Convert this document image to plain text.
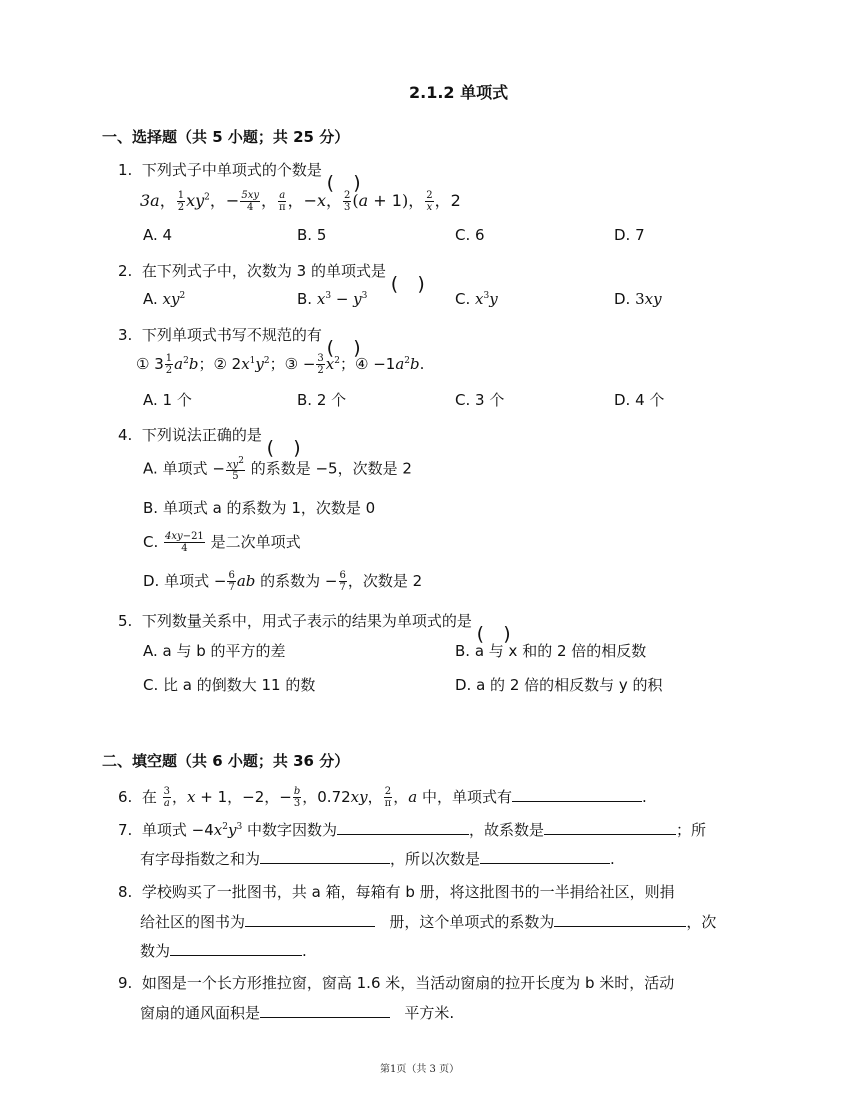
2.1.2 单项式
一、选择题（共 5 小题；共 25 分）
1. 下列式子中单项式的个数是
3a， $\frac{1}{2} xy^2$，− $\frac{5xy}{4}$ ， $\frac{a}{\pi}$ ，−x， $\frac{2}{3} (a + 1)$， $\frac{2}{x}$ ，2
A. 4	B. 5	C. 6	D. 7
2. 在下列式子中，次数为 3 的单项式是
A. $xy^2$	B. $x^3 - y^3$	C. $x^3y$	D. 3xy
3. 下列单项式书写不规范的有
① $3 \frac{1}{2} a^2b$；② $2x^1y^2$；③ − $\frac{3}{2} x^2$；④ $-1a^2b$.
A. 1 个	B. 2 个	C. 3 个	D. 4 个
4. 下列说法正确的是
A. 单项式 − $\frac{xy^2}{5}$ 的系数是 −5，次数是 2
B. 单项式 a 的系数为 1，次数是 0
C. $\frac{4xy-21}{4}$ 是二次单项式
D. 单项式 − $\frac{6}{7}$ ab 的系数为 − $\frac{6}{7}$ ，次数是 2
5. 下列数量关系中，用式子表示的结果为单项式的是
A. a 与 b 的平方的差	B. a 与 x 和的 2 倍的相反数
C. 比 a 的倒数大 11 的数	D. a 的 2 倍的相反数与 y 的积
二、填空题（共 6 小题；共 36 分）
6. 在 $\frac{3}{a}$ ，x + 1，−2，− $\frac{b}{3}$ ，0.72xy， $\frac{2}{\pi}$ ，a 中，单项式有	.
7. 单项式 $-4x^2y^3$ 中数字因数为	，故系数是	；所
有字母指数之和为	，所以次数是	.
8. 学校购买了一批图书，共 a 箱，每箱有 b 册，将这批图书的一半捐给社区，则捐
给社区的图书为	册，这个单项式的系数为	，次
数为	.
9. 如图是一个长方形推拉窗，窗高 1.6 米，当活动窗扇的拉开长度为 b 米时，活动
窗扇的通风面积是	平方米.
第1页（共 3 页）
